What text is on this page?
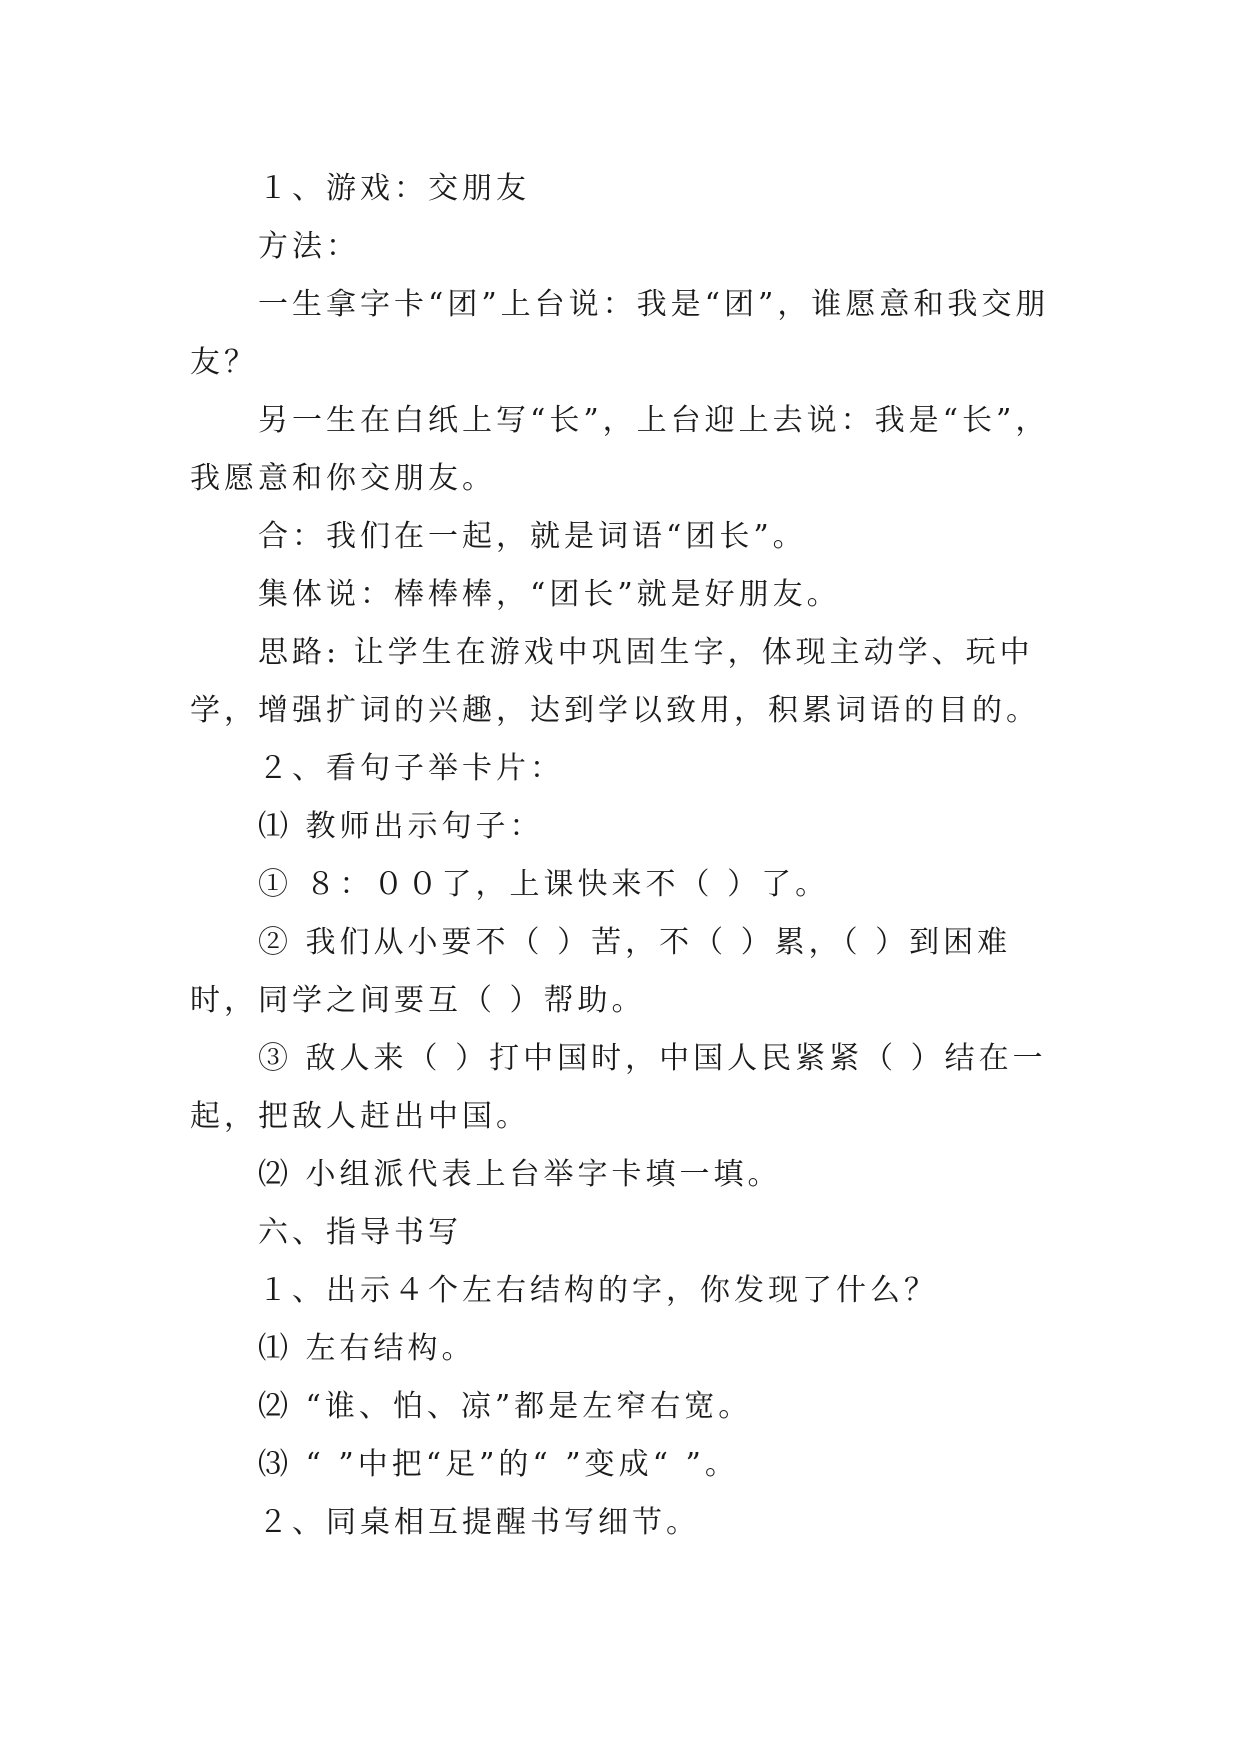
１、游戏：交朋友

方法：

一生拿字卡“团”上台说：我是“团”，谁愿意和我交朋友？

另一生在白纸上写“长”，上台迎上去说：我是“长”，我愿意和你交朋友。

合：我们在一起，就是词语“团长”。

集体说：棒棒棒，“团长”就是好朋友。

思路: 让学生在游戏中巩固生字，体现主动学、玩中学，增强扩词的兴趣，达到学以致用，积累词语的目的。

２、看句子举卡片：

⑴ 教师出示句子：

① ８：００了，上课快来不（ ）了。

② 我们从小要不（ ）苦，不（ ）累，（ ）到困难时，同学之间要互（ ）帮助。

③ 敌人来（ ）打中国时，中国人民紧紧（ ）结在一起，把敌人赶出中国。

⑵ 小组派代表上台举字卡填一填。

六、指导书写

１、出示４个左右结构的字，你发现了什么？

⑴ 左右结构。

⑵ “谁、怕、凉”都是左窄右宽。

⑶ “ ”中把“足”的“ ”变成“ ”。

２、同桌相互提醒书写细节。
